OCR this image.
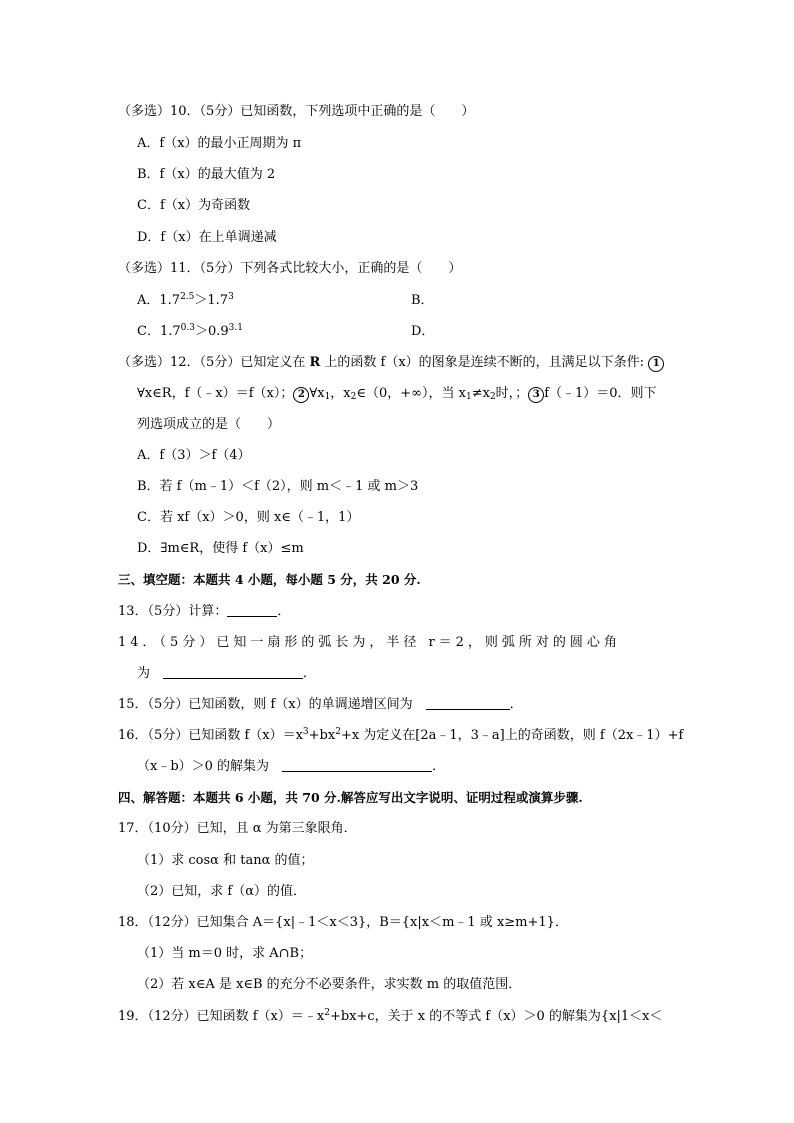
（多选）10．（5分）已知函数，下列选项中正确的是（　　）
A．f（x）的最小正周期为 π
B．f（x）的最大值为 2
C．f（x）为奇函数
D．f（x）在上单调递减
（多选）11．（5分）下列各式比较大小，正确的是（　　）
A．$1.7^{2.5}>1.7^3$	B．
C．$1.7^{0.3}>0.9^{3.1}$	D．
（多选）12．（5分）已知定义在 R 上的函数 f（x）的图象是连续不断的，且满足以下条件: 1
∀x∈R，f（﹣x）＝f（x）； 2 $\forall x_1$，$x_2\in(0$，+∞），当 $x_1\ne x_2$时，； 3 f（﹣1）＝0．则下
列选项成立的是（　　）
A．f（3）＞f（4）
B．若 f（m﹣1）＜f（2），则 m＜﹣1 或 m＞3
C．若 xf（x）＞0，则 x∈（﹣1，1）
D．∃m∈R，使得 f（x）≤m
三、填空题：本题共 4 小题，每小题 5 分，共 20 分.
13．（5分）计算：	．
14．（5分）已知一扇形的弧长为，半径 r＝2，则弧所对的圆心角
为　	．
15．（5分）已知函数，则 f（x）的单调递增区间为　	．
16．（5分）已知函数 $f(x)=x^3+bx^2+x$ 为定义在[2a﹣1，3﹣a]上的奇函数，则 f（2x﹣1）+f
（x﹣b）＞0 的解集为　	．
四、解答题：本题共 6 小题，共 70 分.解答应写出文字说明、证明过程或演算步骤.
17．（10分）已知，且 α 为第三象限角．
（1）求 cosα 和 tanα 的值；
（2）已知，求 f（α）的值．
18．（12分）已知集合 A＝{x|﹣1＜x＜3}，B＝{x|x＜m﹣1 或 x≥m+1}．
（1）当 m＝0 时，求 A∩B；
（2）若 x∈A 是 x∈B 的充分不必要条件，求实数 m 的取值范围．
19．（12分）已知函数 $f(x)=﹣x^2+bx+c$，关于 x 的不等式 f（x）＞0 的解集为{x|1＜x＜
